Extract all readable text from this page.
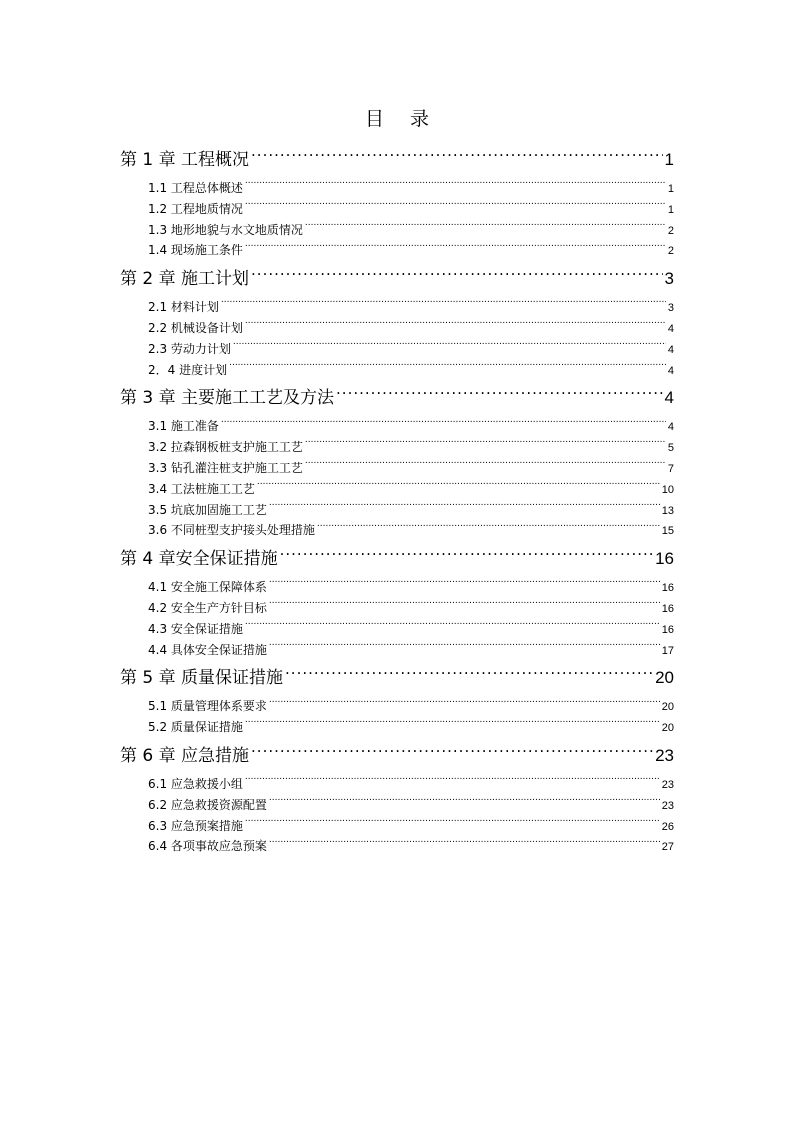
目 录
第 1 章 工程概况 .....	1
1.1 工程总体概述 .....	1
1.2 工程地质情况 .....	1
1.3 地形地貌与水文地质情况 .....	2
1.4 现场施工条件 .....	2
第 2 章 施工计划 .....	3
2.1 材料计划 .....	3
2.2 机械设备计划 .....	4
2.3 劳动力计划 .....	4
2．4 进度计划 .....	4
第 3 章 主要施工工艺及方法 .....	4
3.1 施工准备 .....	4
3.2 拉森钢板桩支护施工工艺 .....	5
3.3 钻孔灌注桩支护施工工艺 .....	7
3.4 工法桩施工工艺 .....	10
3.5 坑底加固施工工艺 .....	13
3.6 不同桩型支护接头处理措施 .....	15
第 4 章安全保证措施 .....	16
4.1 安全施工保障体系 .....	16
4.2 安全生产方针目标 .....	16
4.3 安全保证措施 .....	16
4.4 具体安全保证措施 .....	17
第 5 章 质量保证措施 .....	20
5.1 质量管理体系要求 .....	20
5.2 质量保证措施 .....	20
第 6 章 应急措施 .....	23
6.1 应急救援小组 .....	23
6.2 应急救援资源配置 .....	23
6.3 应急预案措施 .....	26
6.4 各项事故应急预案 .....	27
